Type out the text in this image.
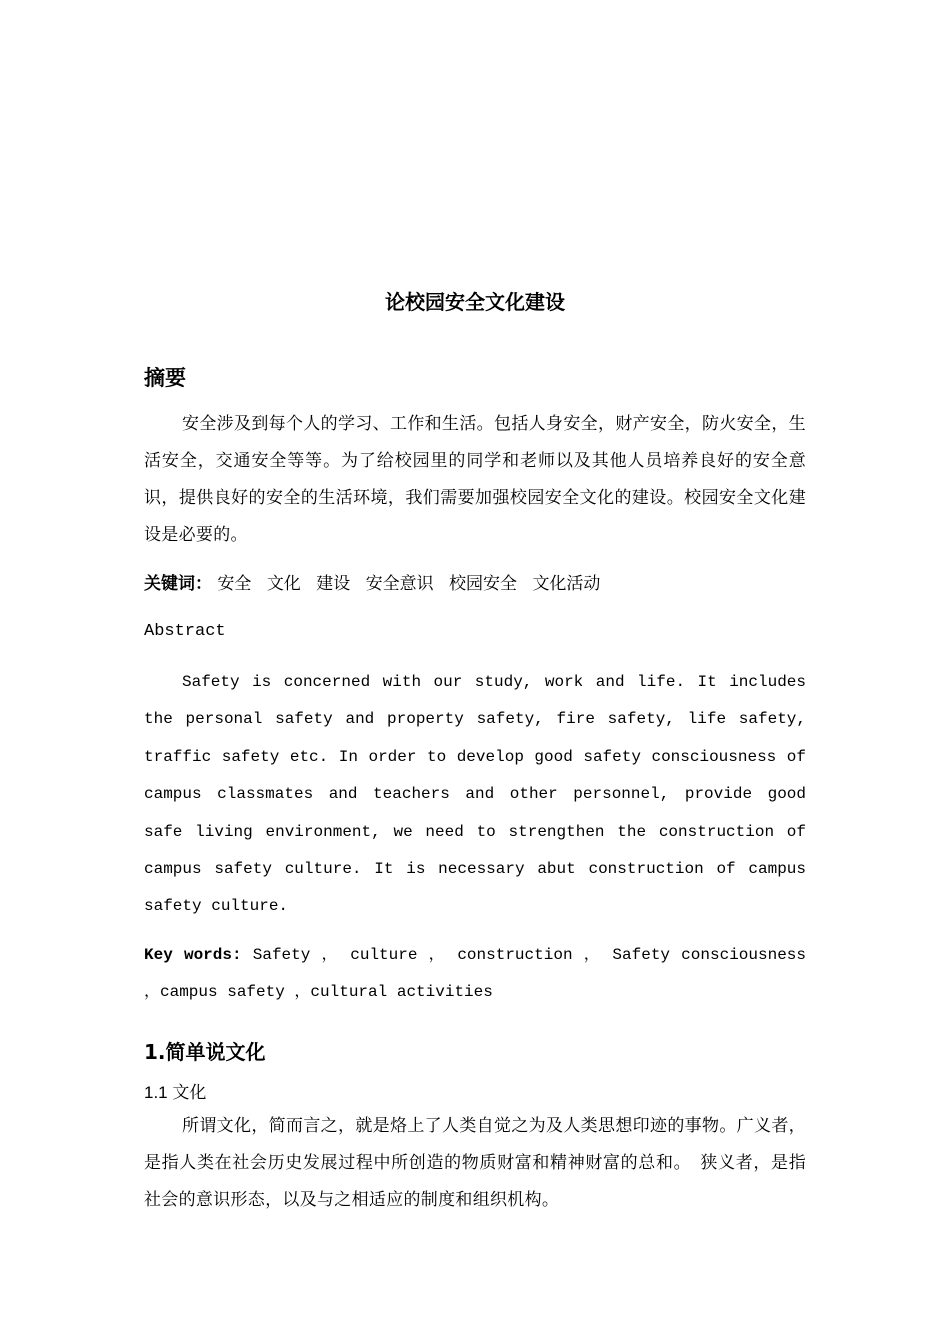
论校园安全文化建设
摘要
安全涉及到每个人的学习、工作和生活。包括人身安全，财产安全，防火安全，生活安全，交通安全等等。为了给校园里的同学和老师以及其他人员培养良好的安全意识，提供良好的安全的生活环境，我们需要加强校园安全文化的建设。校园安全文化建设是必要的。
关键词： 安全 文化 建设 安全意识 校园安全 文化活动
Abstract
Safety is concerned with our study, work and life. It includes the personal safety and property safety, fire safety, life safety, traffic safety etc. In order to develop good safety consciousness of campus classmates and teachers and other personnel, provide good safe living environment, we need to strengthen the construction of campus safety culture. It is necessary abut construction of campus safety culture.
Key words: Safety ， culture ， construction ， Safety consciousness ，campus safety ，cultural activities
1.简单说文化
1.1 文化
所谓文化，简而言之，就是烙上了人类自觉之为及人类思想印迹的事物。广义者，是指人类在社会历史发展过程中所创造的物质财富和精神财富的总和。　狭义者，是指社会的意识形态，以及与之相适应的制度和组织机构。
